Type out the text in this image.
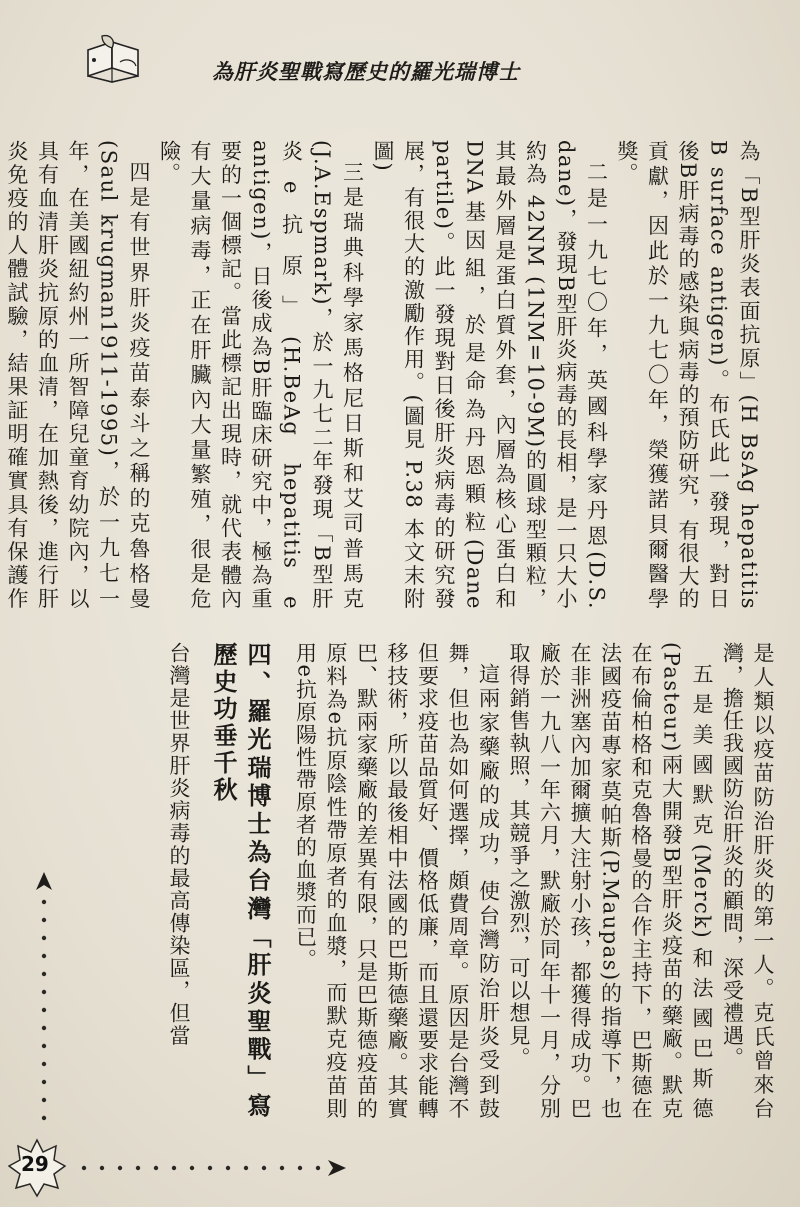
為肝炎聖戰寫歷史的羅光瑞博士

為「B型肝炎表面抗原」(H BsAg hepatitis B surface antigen)。布氏此一發現，對日後B肝病毒的感染與病毒的預防研究，有很大的貢獻，因此於一九七〇年，榮獲諾貝爾醫學獎。

二是一九七〇年，英國科學家丹恩(D.S. dane)，發現B型肝炎病毒的長相，是一只大小約為 42NM (1NM=10-9M)的圓球型顆粒，其最外層是蛋白質外套，內層為核心蛋白和DNA基因組，於是命為丹恩顆粒(Dane partile)。此一發現對日後肝炎病毒的研究發展，有很大的激勵作用。(圖見 P.38 本文末附圖)

三是瑞典科學家馬格尼日斯和艾司普馬克(J.A.Espmark)，於一九七二年發現「B型肝炎e抗原」(H.BeAg hepatitis e antigen)，日後成為B肝臨床研究中，極為重要的一個標記。當此標記出現時，就代表體內有大量病毒，正在肝臟內大量繁殖，很是危險。

四是有世界肝炎疫苗泰斗之稱的克魯格曼(Saul krugman1911-1995)，於一九七一年，在美國紐約州一所智障兒童育幼院內，以具有血清肝炎抗原的血清，在加熱後，進行肝炎免疫的人體試驗，結果証明確實具有保護作

是人類以疫苗防治肝炎的第一人。克氏曾來台灣，擔任我國防治肝炎的顧問，深受禮遇。

五是美國默克(Merck)和法國巴斯德(Pasteur)兩大開發B型肝炎疫苗的藥廠。默克在布倫柏格和克魯格曼的合作主持下，巴斯德在法國疫苗專家莫帕斯(P.Maupas)的指導下，也在非洲塞內加爾擴大注射小孩，都獲得成功。巴廠於一九八一年六月，默廠於同年十一月，分別取得銷售執照，其競爭之激烈，可以想見。

這兩家藥廠的成功，使台灣防治肝炎受到鼓舞，但也為如何選擇，頗費周章。原因是台灣不但要求疫苗品質好、價格低廉，而且還要求能轉移技術，所以最後相中法國的巴斯德藥廠。其實巴、默兩家藥廠的差異有限，只是巴斯德疫苗的原料為e抗原陰性帶原者的血漿，而默克疫苗則用e抗原陽性帶原者的血漿而已。

四、羅光瑞博士為台灣「肝炎聖戰」寫歷史功垂千秋

台灣是世界肝炎病毒的最高傳染區，但當

29
